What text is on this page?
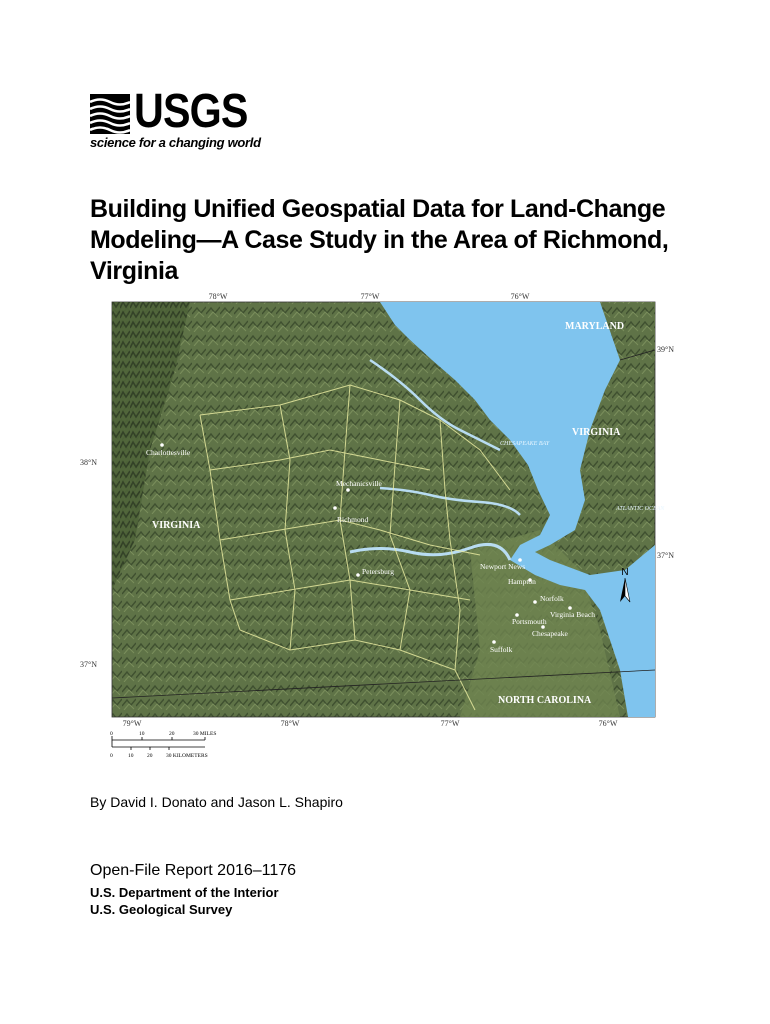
USGS
science for a changing world
Building Unified Geospatial Data for Land-Change Modeling—A Case Study in the Area of Richmond, Virginia
78°W	77°W	76°W
79°W	78°W	77°W	76°W
38°N
37°N
39°N
37°N
MARYLAND
VIRGINIA
VIRGINIA
NORTH CAROLINA
CHESAPEAKE BAY
ATLANTIC OCEAN
Charlottesville
Mechanicsville
Richmond
Petersburg
Newport News
Hampton
Norfolk
Virginia Beach
Portsmouth
Chesapeake
Suffolk
N
0	10	20	30 MILES
0	10 20 30 KILOMETERS
By David I. Donato and Jason L. Shapiro
Open-File Report 2016–1176
U.S. Department of the Interior
U.S. Geological Survey
